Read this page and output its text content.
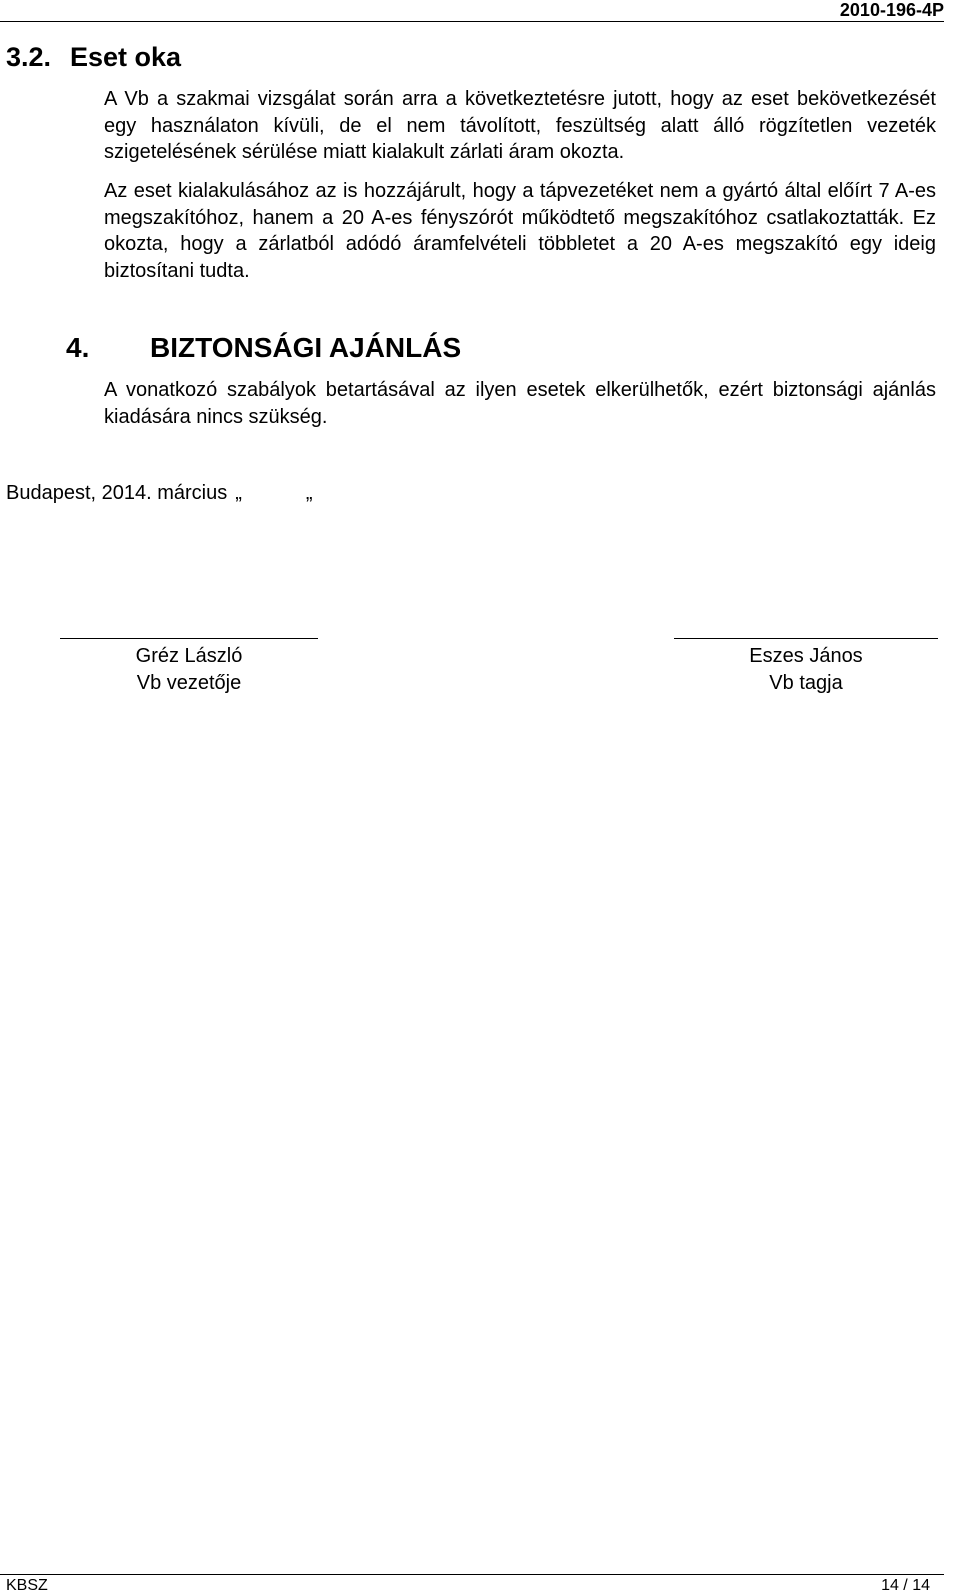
2010-196-4P
3.2. Eset oka
A Vb a szakmai vizsgálat során arra a következtetésre jutott, hogy az eset bekövetkezését egy használaton kívüli, de el nem távolított, feszültség alatt álló rögzítetlen vezeték szigetelésének sérülése miatt kialakult zárlati áram okozta.
Az eset kialakulásához az is hozzájárult, hogy a tápvezetéket nem a gyártó által előírt 7 A-es megszakítóhoz, hanem a 20 A-es fényszórót működtető megszakítóhoz csatlakoztatták. Ez okozta, hogy a zárlatból adódó áramfelvételi többletet a 20 A-es megszakító egy ideig biztosítani tudta.
4. BIZTONSÁGI AJÁNLÁS
A vonatkozó szabályok betartásával az ilyen esetek elkerülhetők, ezért biztonsági ajánlás kiadására nincs szükség.
Budapest, 2014. március „	„
Gréz László
Vb vezetője
Eszes János
Vb tagja
KBSZ	14 / 14
